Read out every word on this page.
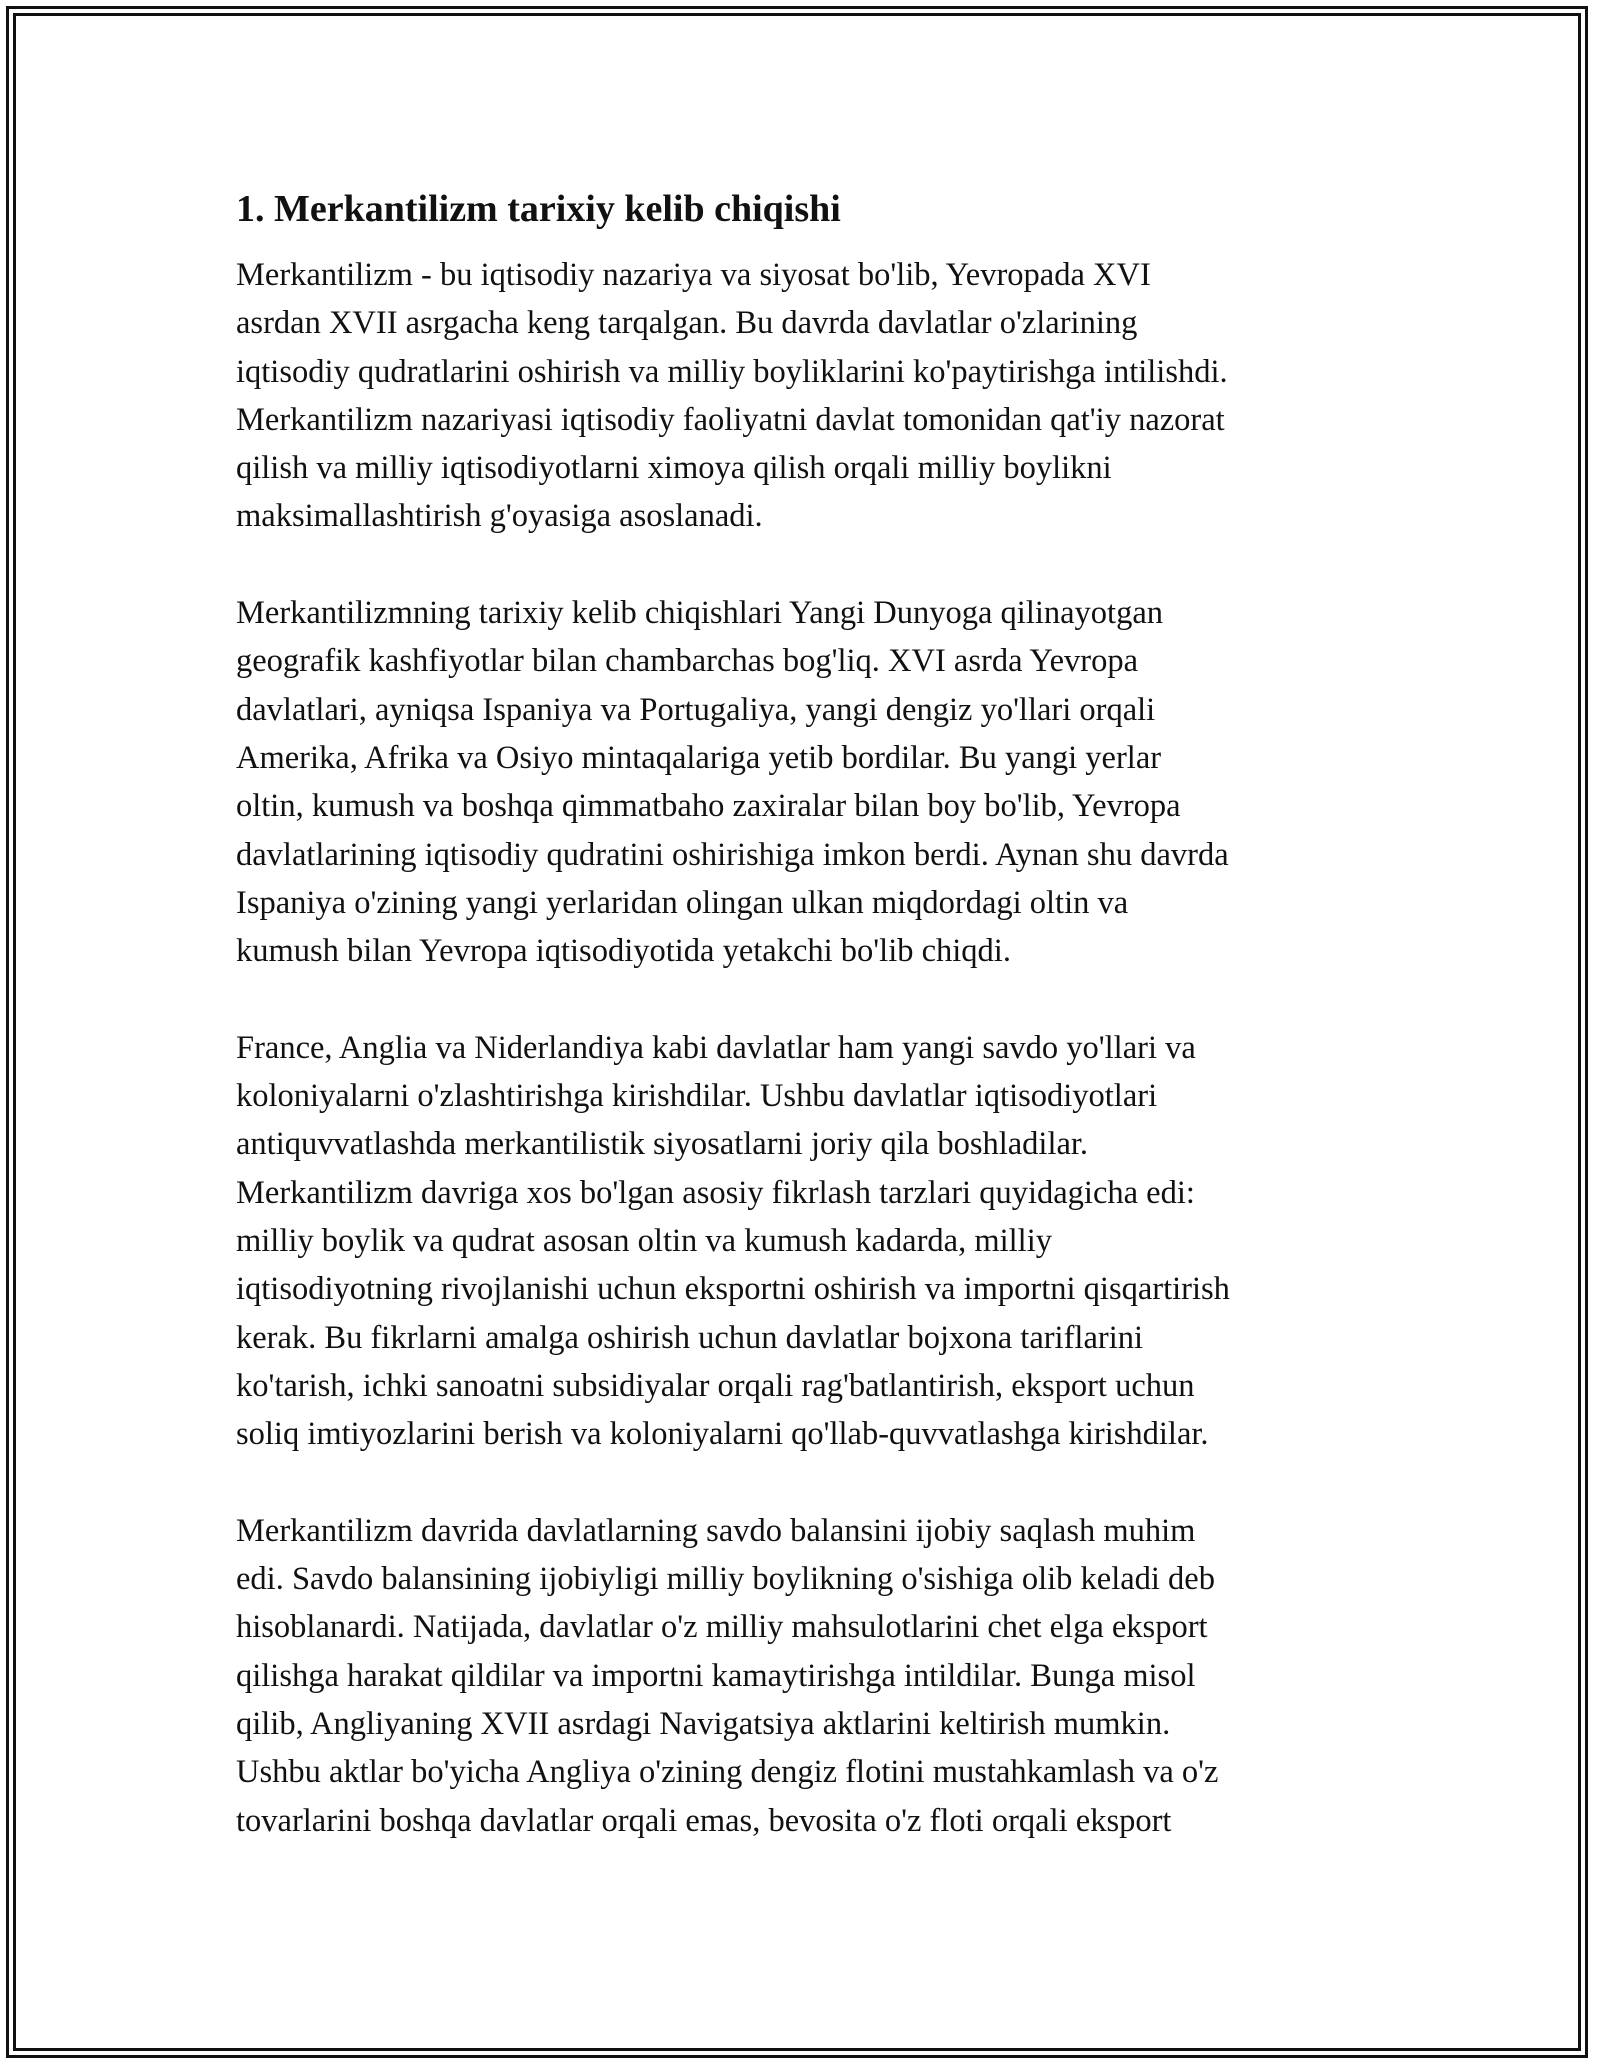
1. Merkantilizm tarixiy kelib chiqishi
Merkantilizm - bu iqtisodiy nazariya va siyosat bo'lib, Yevropada XVI
asrdan XVII asrgacha keng tarqalgan. Bu davrda davlatlar o'zlarining
iqtisodiy qudratlarini oshirish va milliy boyliklarini ko'paytirishga intilishdi.
Merkantilizm nazariyasi iqtisodiy faoliyatni davlat tomonidan qat'iy nazorat
qilish va milliy iqtisodiyotlarni ximoya qilish orqali milliy boylikni
maksimallashtirish g'oyasiga asoslanadi.
Merkantilizmning tarixiy kelib chiqishlari Yangi Dunyoga qilinayotgan
geografik kashfiyotlar bilan chambarchas bog'liq. XVI asrda Yevropa
davlatlari, ayniqsa Ispaniya va Portugaliya, yangi dengiz yo'llari orqali
Amerika, Afrika va Osiyo mintaqalariga yetib bordilar. Bu yangi yerlar
oltin, kumush va boshqa qimmatbaho zaxiralar bilan boy bo'lib, Yevropa
davlatlarining iqtisodiy qudratini oshirishiga imkon berdi. Aynan shu davrda
Ispaniya o'zining yangi yerlaridan olingan ulkan miqdordagi oltin va
kumush bilan Yevropa iqtisodiyotida yetakchi bo'lib chiqdi.
France, Anglia va Niderlandiya kabi davlatlar ham yangi savdo yo'llari va
koloniyalarni o'zlashtirishga kirishdilar. Ushbu davlatlar iqtisodiyotlari
antiquvvatlashda merkantilistik siyosatlarni joriy qila boshladilar.
Merkantilizm davriga xos bo'lgan asosiy fikrlash tarzlari quyidagicha edi:
milliy boylik va qudrat asosan oltin va kumush kadarda, milliy
iqtisodiyotning rivojlanishi uchun eksportni oshirish va importni qisqartirish
kerak. Bu fikrlarni amalga oshirish uchun davlatlar bojxona tariflarini
ko'tarish, ichki sanoatni subsidiyalar orqali rag'batlantirish, eksport uchun
soliq imtiyozlarini berish va koloniyalarni qo'llab-quvvatlashga kirishdilar.
Merkantilizm davrida davlatlarning savdo balansini ijobiy saqlash muhim
edi. Savdo balansining ijobiyligi milliy boylikning o'sishiga olib keladi deb
hisoblanardi. Natijada, davlatlar o'z milliy mahsulotlarini chet elga eksport
qilishga harakat qildilar va importni kamaytirishga intildilar. Bunga misol
qilib, Angliyaning XVII asrdagi Navigatsiya aktlarini keltirish mumkin.
Ushbu aktlar bo'yicha Angliya o'zining dengiz flotini mustahkamlash va o'z
tovarlarini boshqa davlatlar orqali emas, bevosita o'z floti orqali eksport
